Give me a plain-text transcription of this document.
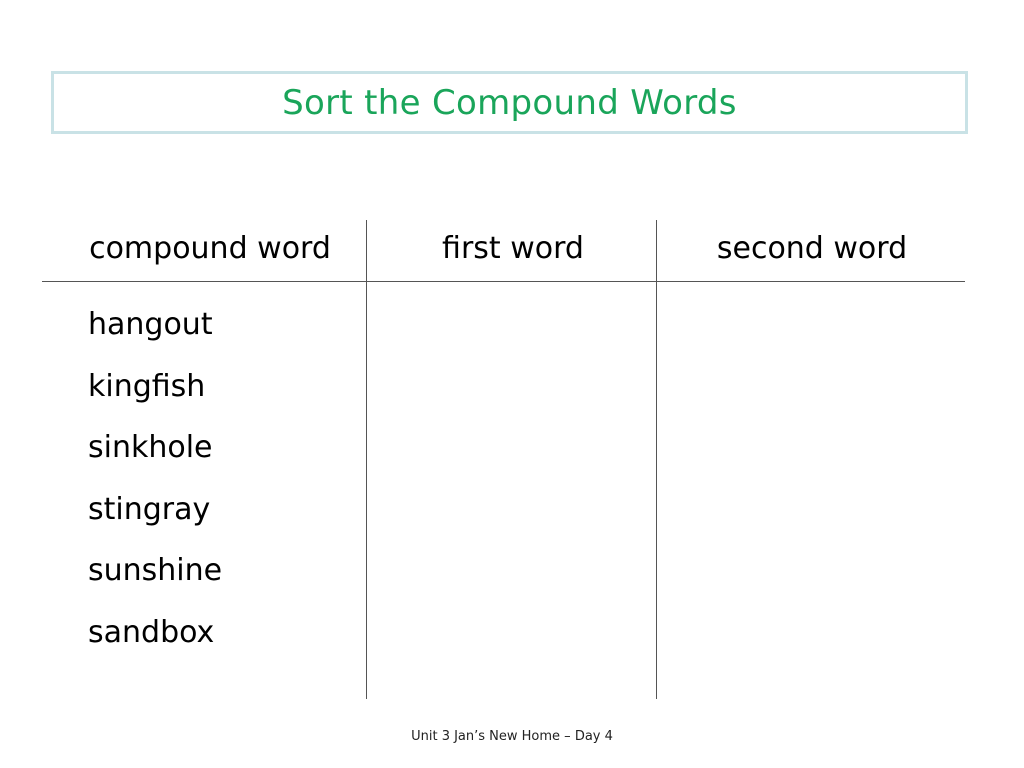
Sort the Compound Words
compound word	first word	second word
hangout
kingfish
sinkhole
stingray
sunshine
sandbox
Unit 3 Jan’s New Home – Day 4
